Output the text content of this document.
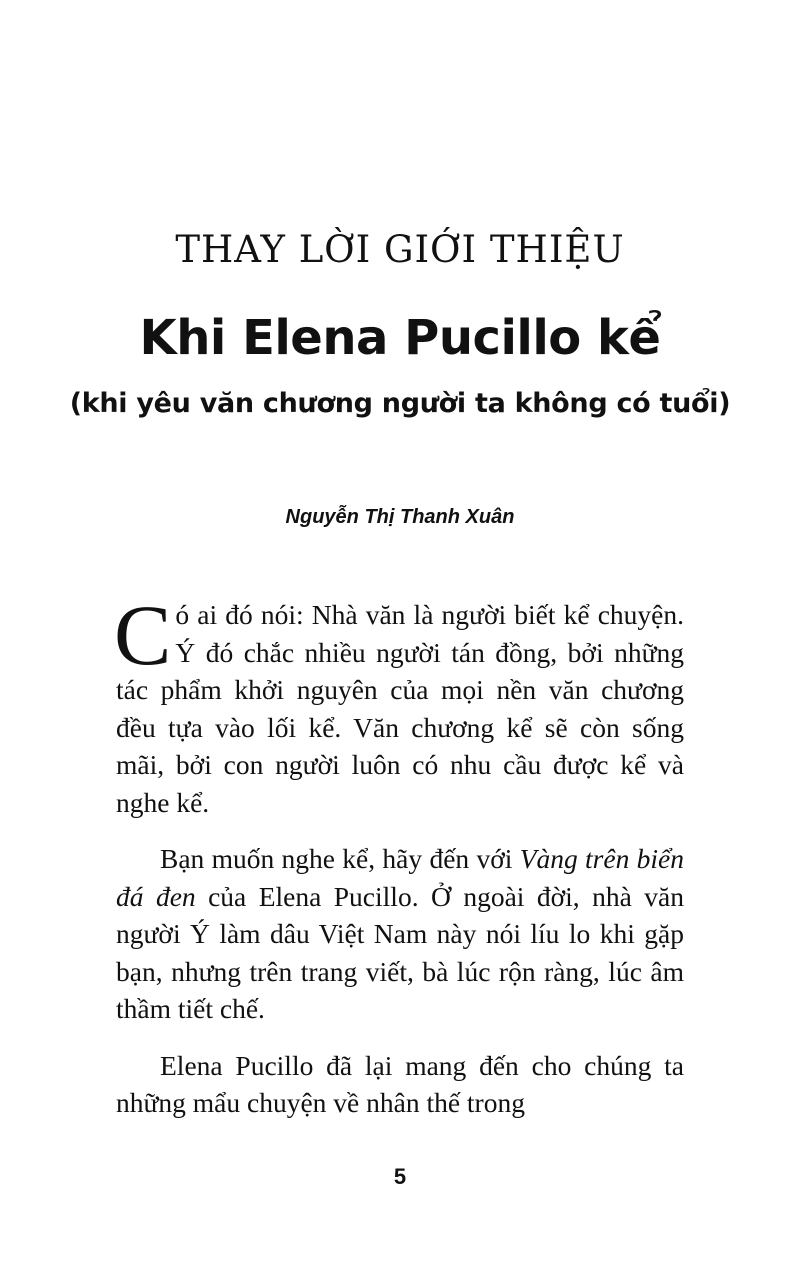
THAY LỜI GIỚI THIỆU
Khi Elena Pucillo kể
(khi yêu văn chương người ta không có tuổi)
Nguyễn Thị Thanh Xuân

Có ai đó nói: Nhà văn là người biết kể chuyện. Ý đó chắc nhiều người tán đồng, bởi những tác phẩm khởi nguyên của mọi nền văn chương đều tựa vào lối kể. Văn chương kể sẽ còn sống mãi, bởi con người luôn có nhu cầu được kể và nghe kể.

Bạn muốn nghe kể, hãy đến với Vàng trên biển đá đen của Elena Pucillo. Ở ngoài đời, nhà văn người Ý làm dâu Việt Nam này nói líu lo khi gặp bạn, nhưng trên trang viết, bà lúc rộn ràng, lúc âm thầm tiết chế.

Elena Pucillo đã lại mang đến cho chúng ta những mẩu chuyện về nhân thế trong

5
